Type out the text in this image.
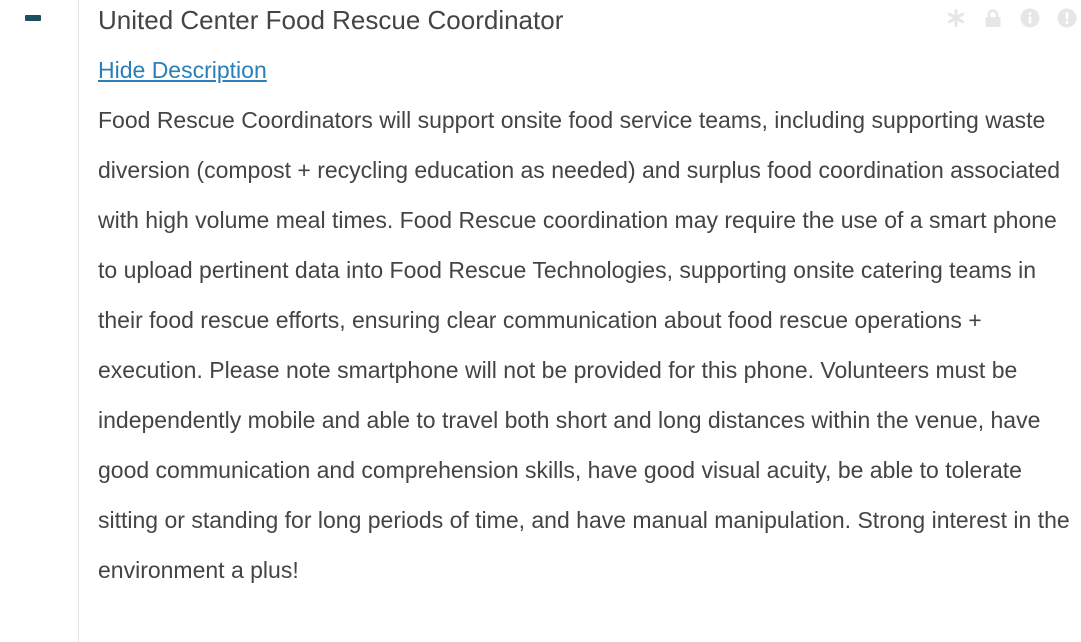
United Center Food Rescue Coordinator
Hide Description

Food Rescue Coordinators will support onsite food service teams, including supporting waste diversion (compost + recycling education as needed) and surplus food coordination associated with high volume meal times. Food Rescue coordination may require the use of a smart phone to upload pertinent data into Food Rescue Technologies, supporting onsite catering teams in their food rescue efforts, ensuring clear communication about food rescue operations + execution. Please note smartphone will not be provided for this phone. Volunteers must be independently mobile and able to travel both short and long distances within the venue, have good communication and comprehension skills, have good visual acuity, be able to tolerate sitting or standing for long periods of time, and have manual manipulation. Strong interest in the environment a plus!
